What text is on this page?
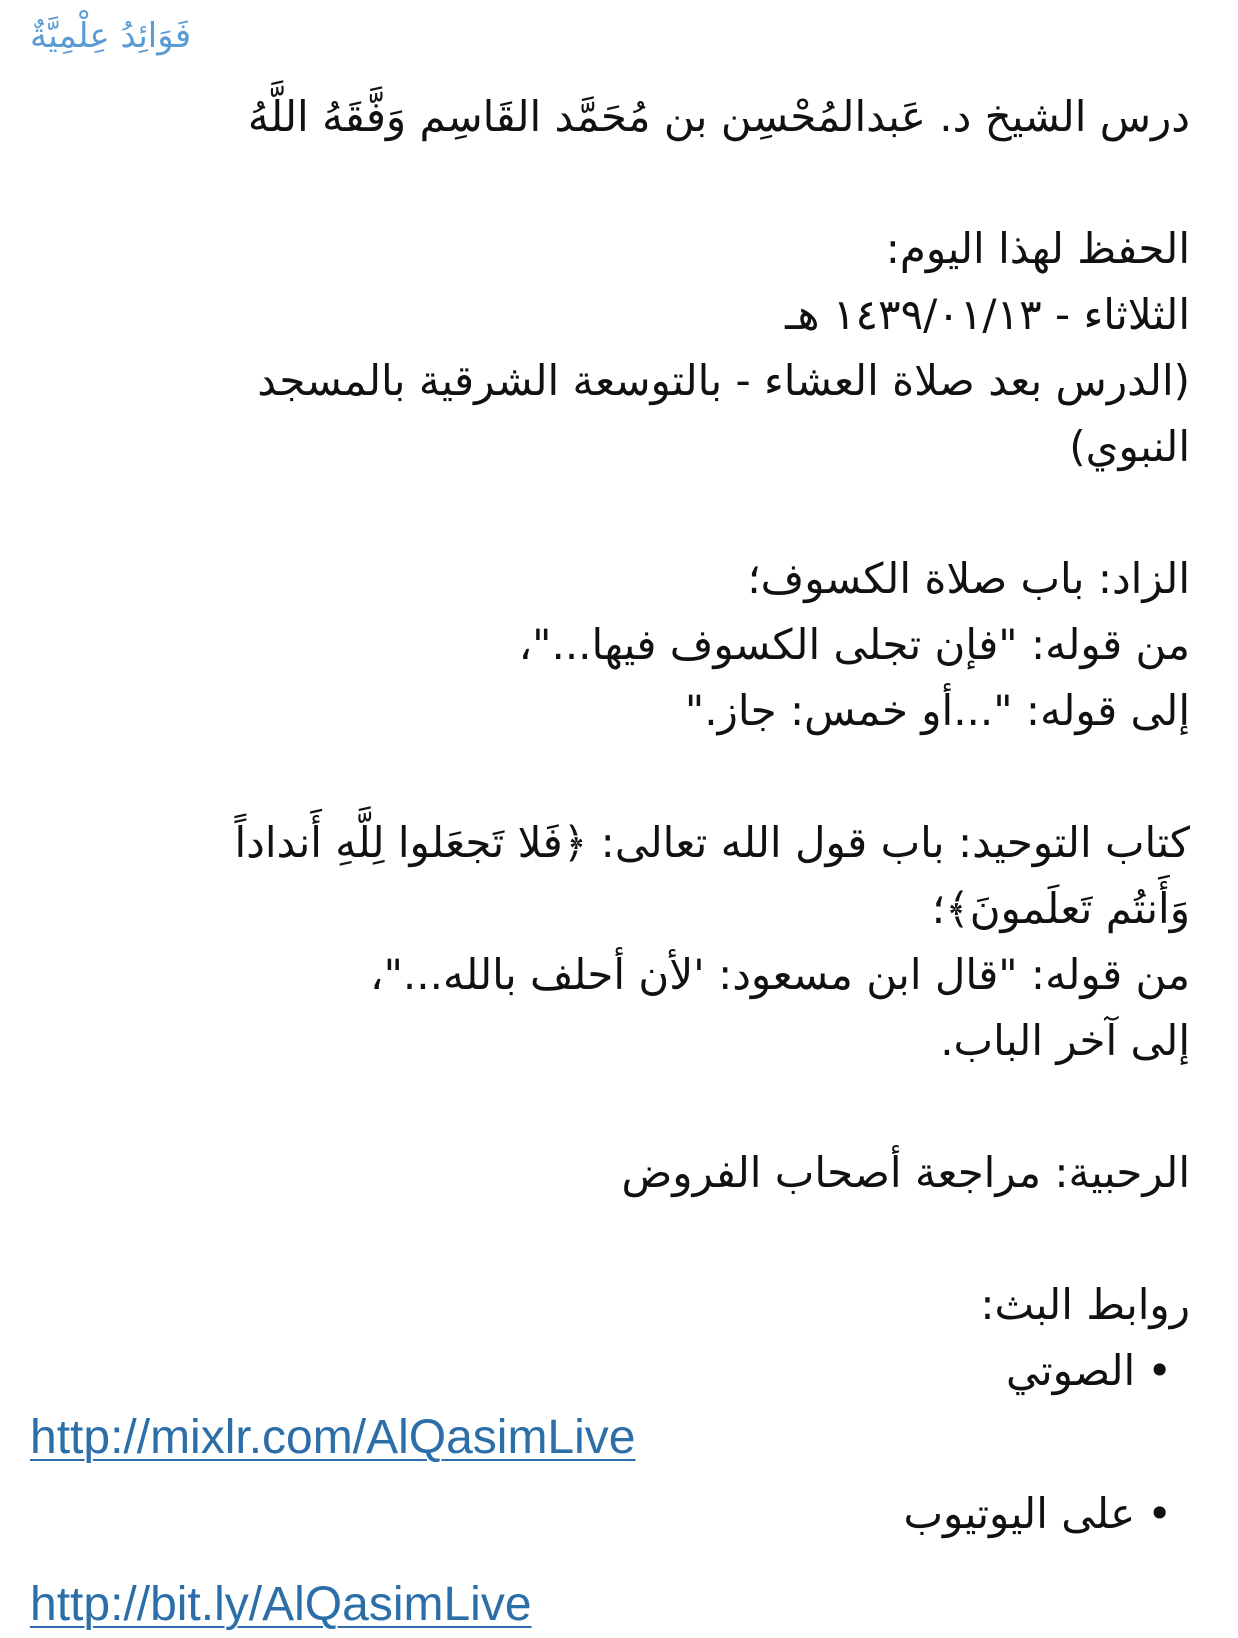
فَوَائِدُ عِلْمِيَّةٌ
درس الشيخ د. عَبدالمُحْسِن بن مُحَمَّد القَاسِم وَفَّقَهُ اللَّهُ
الحفظ لهذا اليوم:
الثلاثاء - ١٤٣٩/٠١/١٣ هـ
(الدرس بعد صلاة العشاء - بالتوسعة الشرقية بالمسجد
النبوي)
الزاد: باب صلاة الكسوف؛
من قوله: "فإن تجلى الكسوف فيها..."،
إلى قوله: "...أو خمس: جاز."
كتاب التوحيد: باب قول الله تعالى: ﴿فَلا تَجعَلوا لِلَّهِ أَنداداً
وَأَنتُم تَعلَمونَ﴾؛
من قوله: "قال ابن مسعود: 'لأن أحلف بالله..."،
إلى آخر الباب.
الرحبية: مراجعة أصحاب الفروض
روابط البث:
•الصوتي
http://mixlr.com/AlQasimLive
•على اليوتيوب
http://bit.ly/AlQasimLive
